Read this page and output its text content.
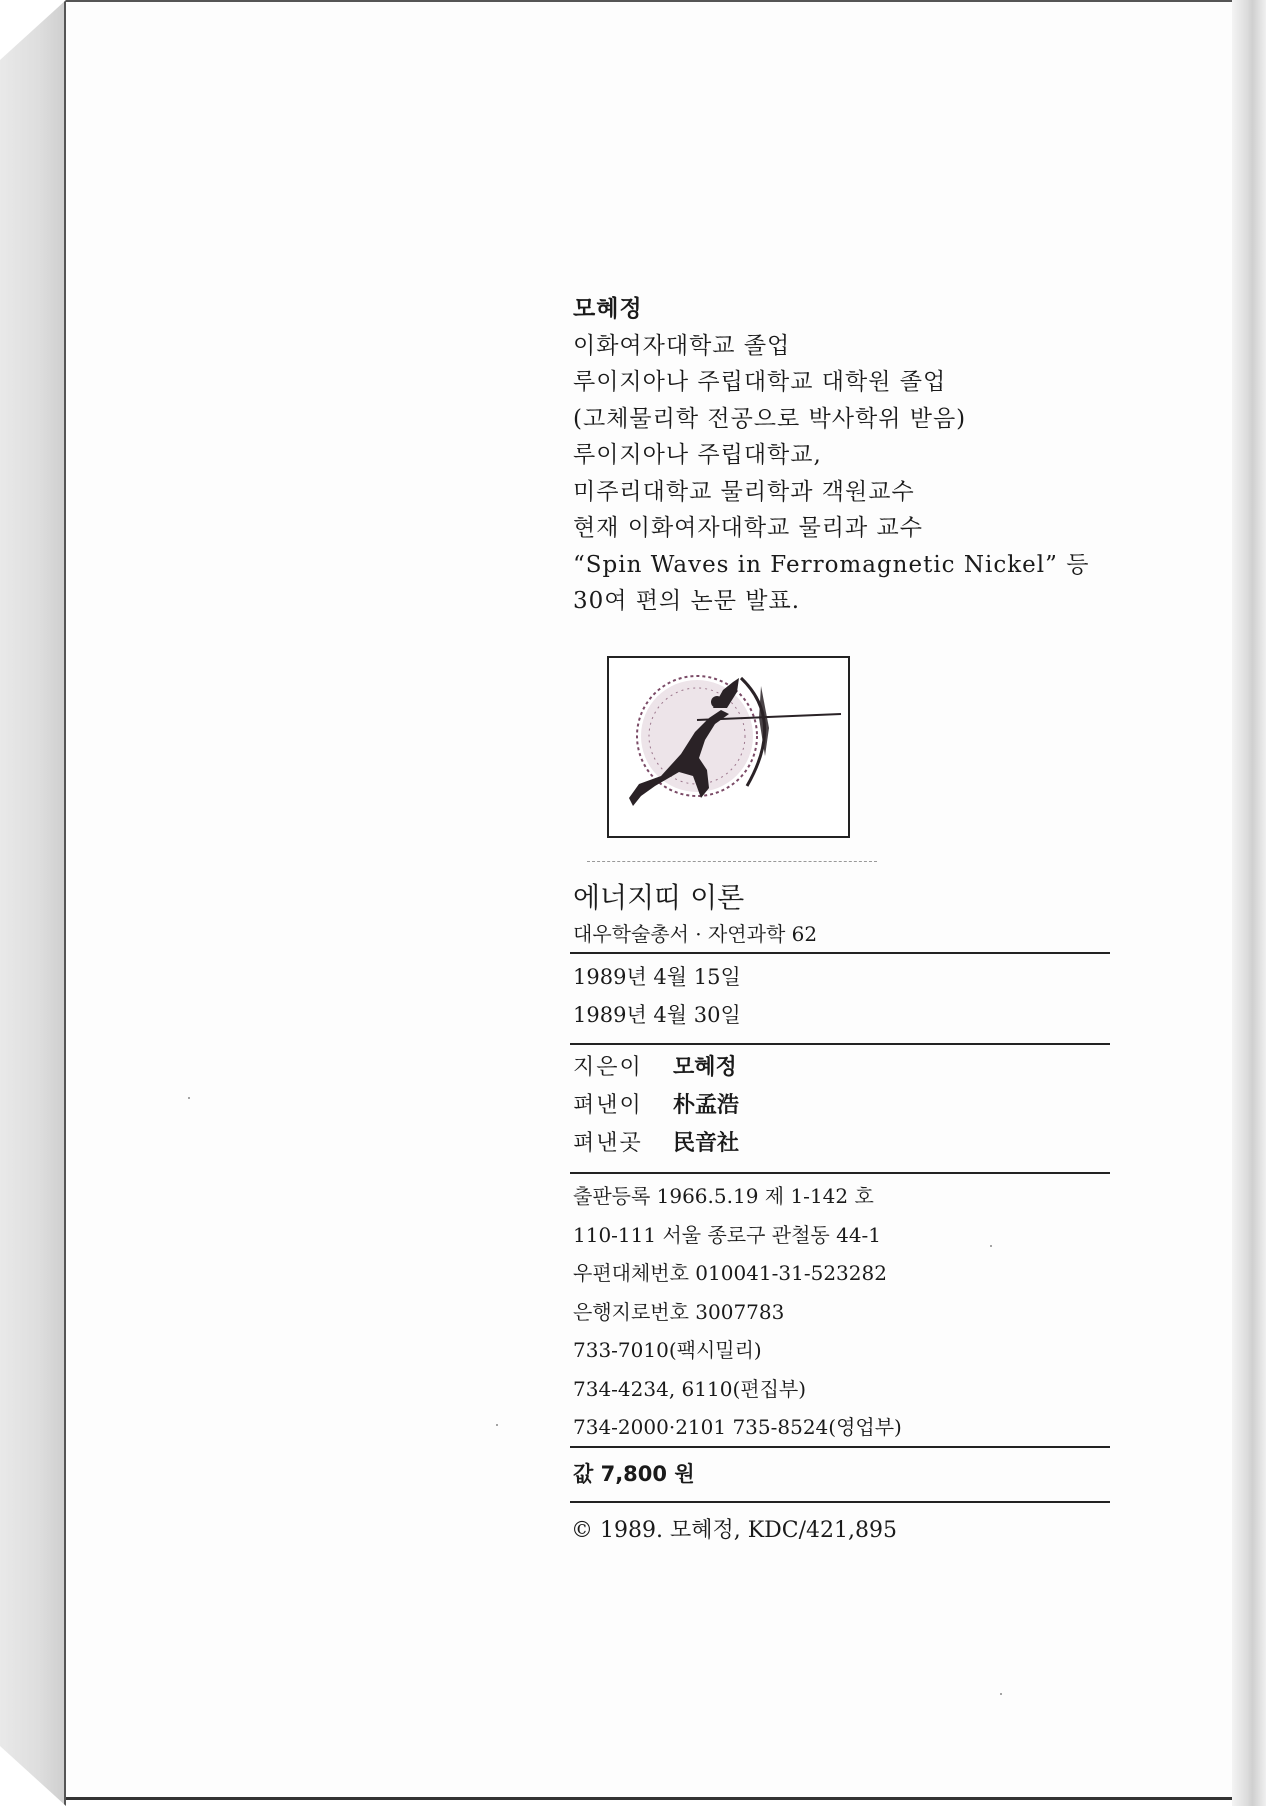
모혜정
이화여자대학교 졸업
루이지아나 주립대학교 대학원 졸업
(고체물리학 전공으로 박사학위 받음)
루이지아나 주립대학교,
미주리대학교 물리학과 객원교수
현재 이화여자대학교 물리과 교수
“Spin Waves in Ferromagnetic Nickel” 등
30여 편의 논문 발표.
에너지띠 이론
대우학술총서 · 자연과학 62
1989년 4월 15일
1989년 4월 30일
지은이 모혜정
펴낸이 朴孟浩
펴낸곳 民音社
출판등록 1966.5.19 제 1-142 호
110-111 서울 종로구 관철동 44-1
우편대체번호 010041-31-523282
은행지로번호 3007783
733-7010(팩시밀리)
734-4234, 6110(편집부)
734-2000·2101 735-8524(영업부)
값 7,800 원
© 1989. 모혜정, KDC/421,895
